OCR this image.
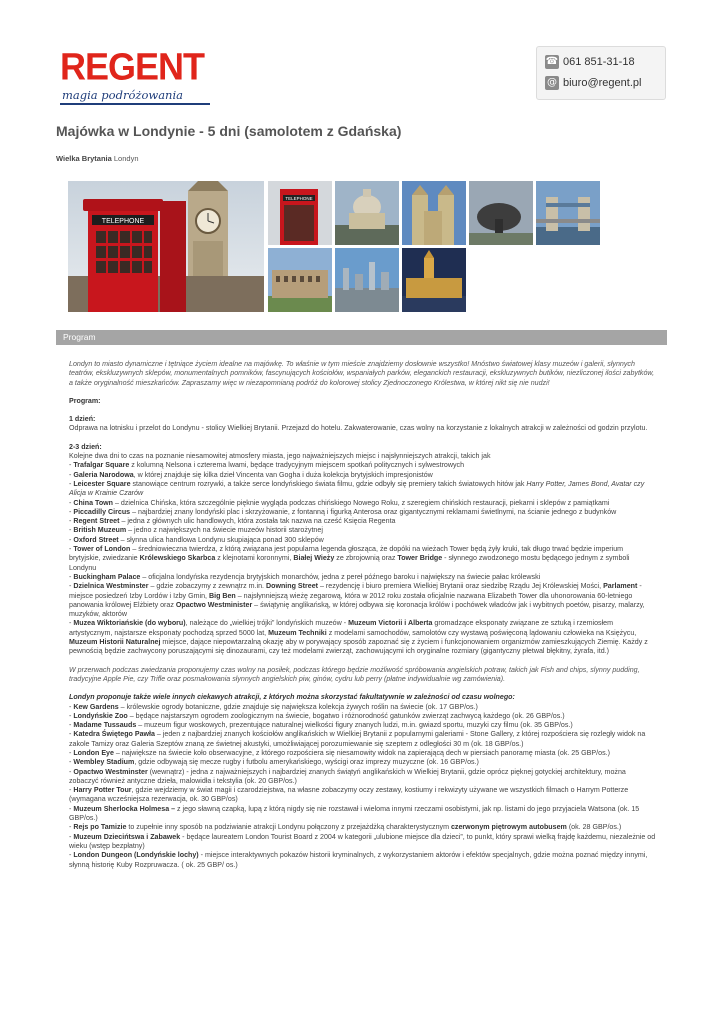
REGENT
magia podróżowania
☎ 061 851-31-18
@ biuro@regent.pl
Majówka w Londynie - 5 dni (samolotem z Gdańska)
Wielka Brytania Londyn
TELEPHONE
TELEPHONE
Program

Londyn to miasto dynamiczne i tętniące życiem idealne na majówkę. To właśnie w tym mieście znajdziemy dosłownie wszystko! Mnóstwo światowej klasy muzeów i galerii, słynnych teatrów, ekskluzywnych sklepów, monumentalnych pomników, fascynujących kościołów, wspaniałych parków, eleganckich restauracji, ekskluzywnych butików, niezliczonej ilości zabytków, a także oryginalność mieszkańców. Zapraszamy więc w niezapomnianą podróż do kolorowej stolicy Zjednoczonego Królestwa, w której nikt się nie nudzi!

Program:

1 dzień:

Odprawa na lotnisku i przelot do Londynu - stolicy Wielkiej Brytanii. Przejazd do hotelu. Zakwaterowanie, czas wolny na korzystanie z lokalnych atrakcji w zależności od godzin przylotu.

2-3 dzień:

Kolejne dwa dni to czas na poznanie niesamowitej atmosfery miasta, jego najważniejszych miejsc i najsłynniejszych atrakcji, takich jak

- Trafalgar Square z kolumną Nelsona i czterema lwami, będące tradycyjnym miejscem spotkań politycznych i sylwestrowych

- Galeria Narodowa, w której znajduje się kilka dzieł Vincenta van Gogha i duża kolekcja brytyjskich impresjonistów

- Leicester Square stanowiące centrum rozrywki, a także serce londyńskiego świata filmu, gdzie odbyły się premiery takich światowych hitów jak Harry Potter, James Bond, Avatar czy Alicja w Krainie Czarów

- China Town – dzielnica Chińska, która szczególnie pięknie wygląda podczas chińskiego Nowego Roku, z szeregiem chińskich restauracji, piekarni i sklepów z pamiątkami

- Piccadilly Circus – najbardziej znany londyński plac i skrzyżowanie, z fontanną i figurką Anterosa oraz gigantycznymi reklamami świetlnymi, na ścianie jednego z budynków

- Regent Street – jedna z głównych ulic handlowych, która została tak nazwa na cześć Księcia Regenta

- British Muzeum – jedno z największych na świecie muzeów historii starożytnej

- Oxford Street – słynna ulica handlowa Londynu skupiająca ponad 300 sklepów

- Tower of London – średniowieczna twierdza, z którą związana jest popularna legenda głosząca, że dopóki na wieżach Tower będą żyły kruki, tak długo trwać będzie imperium brytyjskie, zwiedzanie Królewskiego Skarbca z klejnotami koronnymi, Białej Wieży ze zbrojownią oraz Tower Bridge - słynnego zwodzonego mostu będącego jednym z symboli Londynu

- Buckingham Palace – oficjalna londyńska rezydencja brytyjskich monarchów, jedna z pereł późnego baroku i największy na świecie pałac królewski

- Dzielnica Westminster – gdzie zobaczymy z zewnątrz m.in. Downing Street – rezydencję i biuro premiera Wielkiej Brytanii oraz siedzibę Rządu Jej Królewskiej Mości, Parlament - miejsce posiedzeń Izby Lordów i Izby Gmin, Big Ben – najsłynniejszą wieżę zegarową, która w 2012 roku została oficjalnie nazwana Elizabeth Tower dla uhonorowania 60-letniego panowania królowej Elżbiety oraz Opactwo Westminister – świątynię anglikańską, w której odbywa się koronacja królów i pochówek władców jak i wybitnych poetów, pisarzy, malarzy, muzyków, aktorów

- Muzea Wiktoriańskie (do wyboru), należące do „wielkiej trójki” londyńskich muzeów - Muzeum Victorii i Alberta gromadzące eksponaty związane ze sztuką i rzemiosłem artystycznym, najstarsze eksponaty pochodzą sprzed 5000 lat, Muzeum Techniki z modelami samochodów, samolotów czy wystawą poświęconą lądowaniu człowieka na Księżycu, Muzeum Historii Naturalnej miejsce, dające niepowtarzalną okazję aby w porywający sposób zapoznać się z życiem i funkcjonowaniem organizmów zamieszkujących Ziemię. Każdy z pewnością będzie zachwycony poruszającymi się dinozaurami, czy też modelami zwierząt, zachowującymi ich oryginalne rozmiary (gigantyczny płetwal błękitny, żyrafa, itd.)

W przerwach podczas zwiedzania proponujemy czas wolny na posiłek, podczas którego będzie możliwość spróbowania angielskich potraw, takich jak Fish and chips, slynny pudding, tradycyjne Apple Pie, czy Trifle oraz posmakowania słynnych angielskich piw, ginów, cydru lub perry (płatne indywidualnie wg zamówienia).

Londyn proponuje także wiele innych ciekawych atrakcji, z których można skorzystać fakultatywnie w zależności od czasu wolnego:

- Kew Gardens – królewskie ogrody botaniczne, gdzie znajduje się największa kolekcja żywych roślin na świecie (ok. 17 GBP/os.)

- Londyńskie Zoo – będące najstarszym ogrodem zoologicznym na świecie, bogatwo i różnorodność gatunków zwierząt zachwycą każdego (ok. 26 GBP/os.)

- Madame Tussauds – muzeum figur woskowych, prezentujące naturalnej wielkości figury znanych ludzi, m.in. gwiazd sportu, muzyki czy filmu (ok. 35 GBP/os.)

- Katedra Świętego Pawła – jeden z najbardziej znanych kościołów anglikańskich w Wielkiej Brytanii z popularnymi galeriami - Stone Gallery, z której rozpościera się rozległy widok na zakole Tamizy oraz Galeria Szeptów znaną ze świetnej akustyki, umożliwiającej porozumiewanie się szeptem z odległości 30 m (ok. 18 GBP/os.)

- London Eye – największe na świecie koło obserwacyjne, z którego rozpościera się niesamowity widok na zapierającą dech w piersiach panoramę miasta (ok. 25 GBP/os.)

- Wembley Stadium, gdzie odbywają się mecze rugby i futbolu amerykańskiego, wyścigi oraz imprezy muzyczne (ok. 16 GBP/os.)

- Opactwo Westminster (wewnątrz) - jedna z najważniejszych i najbardziej znanych świątyń anglikańskich w Wielkiej Brytanii, gdzie oprócz pięknej gotyckiej architektury, można zobaczyć również antyczne dzieła, malowidła i tekstylia (ok. 20 GBP/os.)

- Harry Potter Tour, gdzie wejdziemy w świat magii i czarodziejstwa, na własne zobaczymy oczy zestawy, kostiumy i rekwizyty używane we wszystkich filmach o Harrym Potterze (wymagana wcześniejsza rezerwacja, ok. 30 GBP/os)

- Muzeum Sherlocka Holmesa – z jego sławną czapką, lupą z którą nigdy się nie rozstawał i wieloma innymi rzeczami osobistymi, jak np. listami do jego przyjaciela Watsona (ok. 15 GBP/os.)

- Rejs po Tamizie to zupełnie inny sposób na podziwianie atrakcji Londynu połączony z przejażdżką charakterystycznym czerwonym piętrowym autobusem (ok. 28 GBP/os.)

- Muzeum Dziecińtswa i Zabawek - będące laureatem London Tourist Board z 2004 w kategorii „ulubione miejsce dla dzieci”, to punkt, który sprawi wielką frajdę każdemu, niezależnie od wieku (wstęp bezpłatny)

- London Dungeon (Londyńskie lochy) - miejsce interaktywnych pokazów historii kryminalnych, z wykorzystaniem aktorów i efektów specjalnych, gdzie można poznać między innymi, słynną historię Kuby Rozpruwacza. ( ok. 25 GBP/ os.)
